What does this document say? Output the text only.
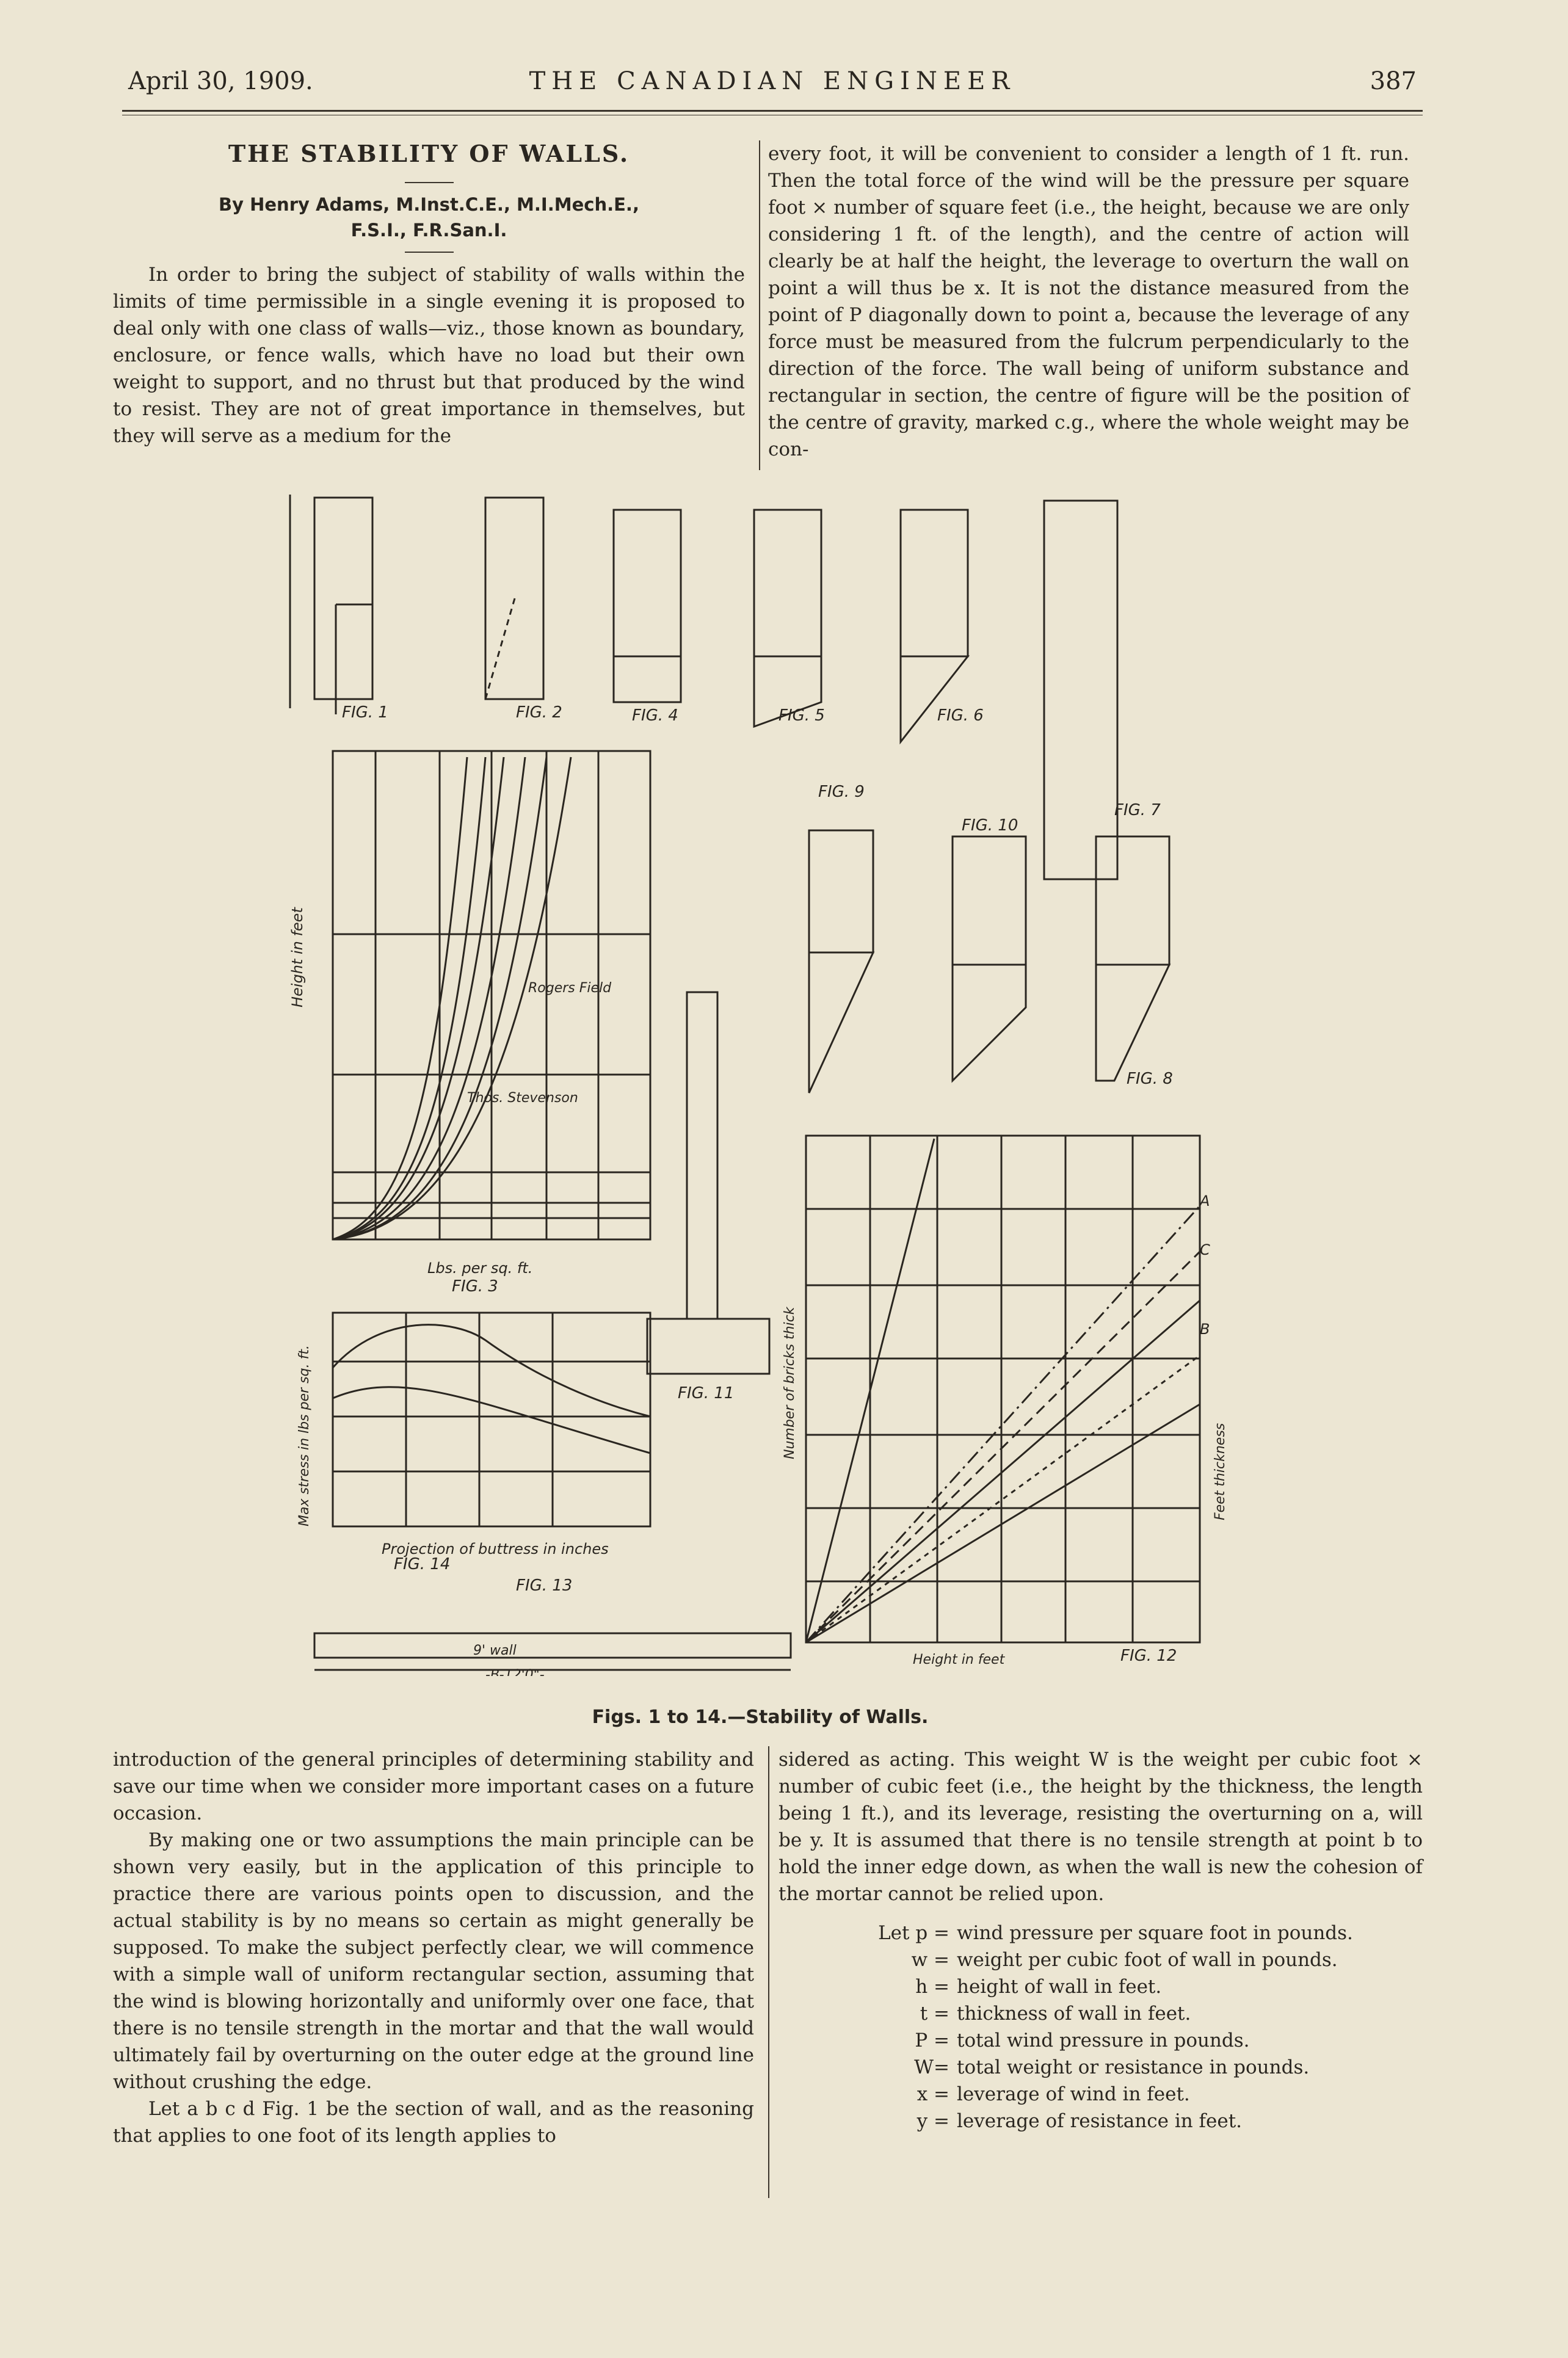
April 30, 1909.	THE CANADIAN ENGINEER	387
THE STABILITY OF WALLS.
By Henry Adams, M.Inst.C.E., M.I.Mech.E.,
F.S.I., F.R.San.I.

In order to bring the subject of stability of walls within the limits of time permissible in a single evening it is proposed to deal only with one class of walls—viz., those known as boundary, enclosure, or fence walls, which have no load but their own weight to support, and no thrust but that produced by the wind to resist. They are not of great importance in themselves, but they will serve as a medium for the

every foot, it will be convenient to consider a length of 1 ft. run. Then the total force of the wind will be the pressure per square foot × number of square feet (i.e., the height, because we are only considering 1 ft. of the length), and the centre of action will clearly be at half the height, the leverage to overturn the wall on point a will thus be x. It is not the distance measured from the point of P diagonally down to point a, because the leverage of any force must be measured from the fulcrum perpendicularly to the direction of the force. The wall being of uniform substance and rectangular in section, the centre of figure will be the position of the centre of gravity, marked c.g., where the whole weight may be con-

FIG. 1	FIG. 2	FIG. 4	FIG. 5	FIG. 6
FIG. 7
FIG. 9
FIG. 10
FIG. 8
FIG. 3
FIG. 11
FIG. 12
FIG. 13
FIG. 14
Lbs. per sq. ft.
Projection of buttress in inches
Height in feet
9' wall
-B-12'0"-
Rogers Field
Thos. Stevenson
A
B
C
Height in feet
Max stress in lbs per sq. ft.	Number of bricks thick
Feet thickness
Figs. 1 to 14.—Stability of Walls.

introduction of the general principles of determining stability and save our time when we consider more important cases on a future occasion.

By making one or two assumptions the main principle can be shown very easily, but in the application of this principle to practice there are various points open to discussion, and the actual stability is by no means so certain as might generally be supposed. To make the subject perfectly clear, we will commence with a simple wall of uniform rectangular section, assuming that the wind is blowing horizontally and uniformly over one face, that there is no tensile strength in the mortar and that the wall would ultimately fail by overturning on the outer edge at the ground line without crushing the edge.

Let a b c d Fig. 1 be the section of wall, and as the reasoning that applies to one foot of its length applies to

sidered as acting. This weight W is the weight per cubic foot × number of cubic feet (i.e., the height by the thickness, the length being 1 ft.), and its leverage, resisting the overturning on a, will be y. It is assumed that there is no tensile strength at point b to hold the inner edge down, as when the wall is new the cohesion of the mortar cannot be relied upon.

Let p = wind pressure per square foot in pounds.
w = weight per cubic foot of wall in pounds.
h = height of wall in feet.
t = thickness of wall in feet.
P = total wind pressure in pounds.
W= total weight or resistance in pounds.
x = leverage of wind in feet.
y = leverage of resistance in feet.
